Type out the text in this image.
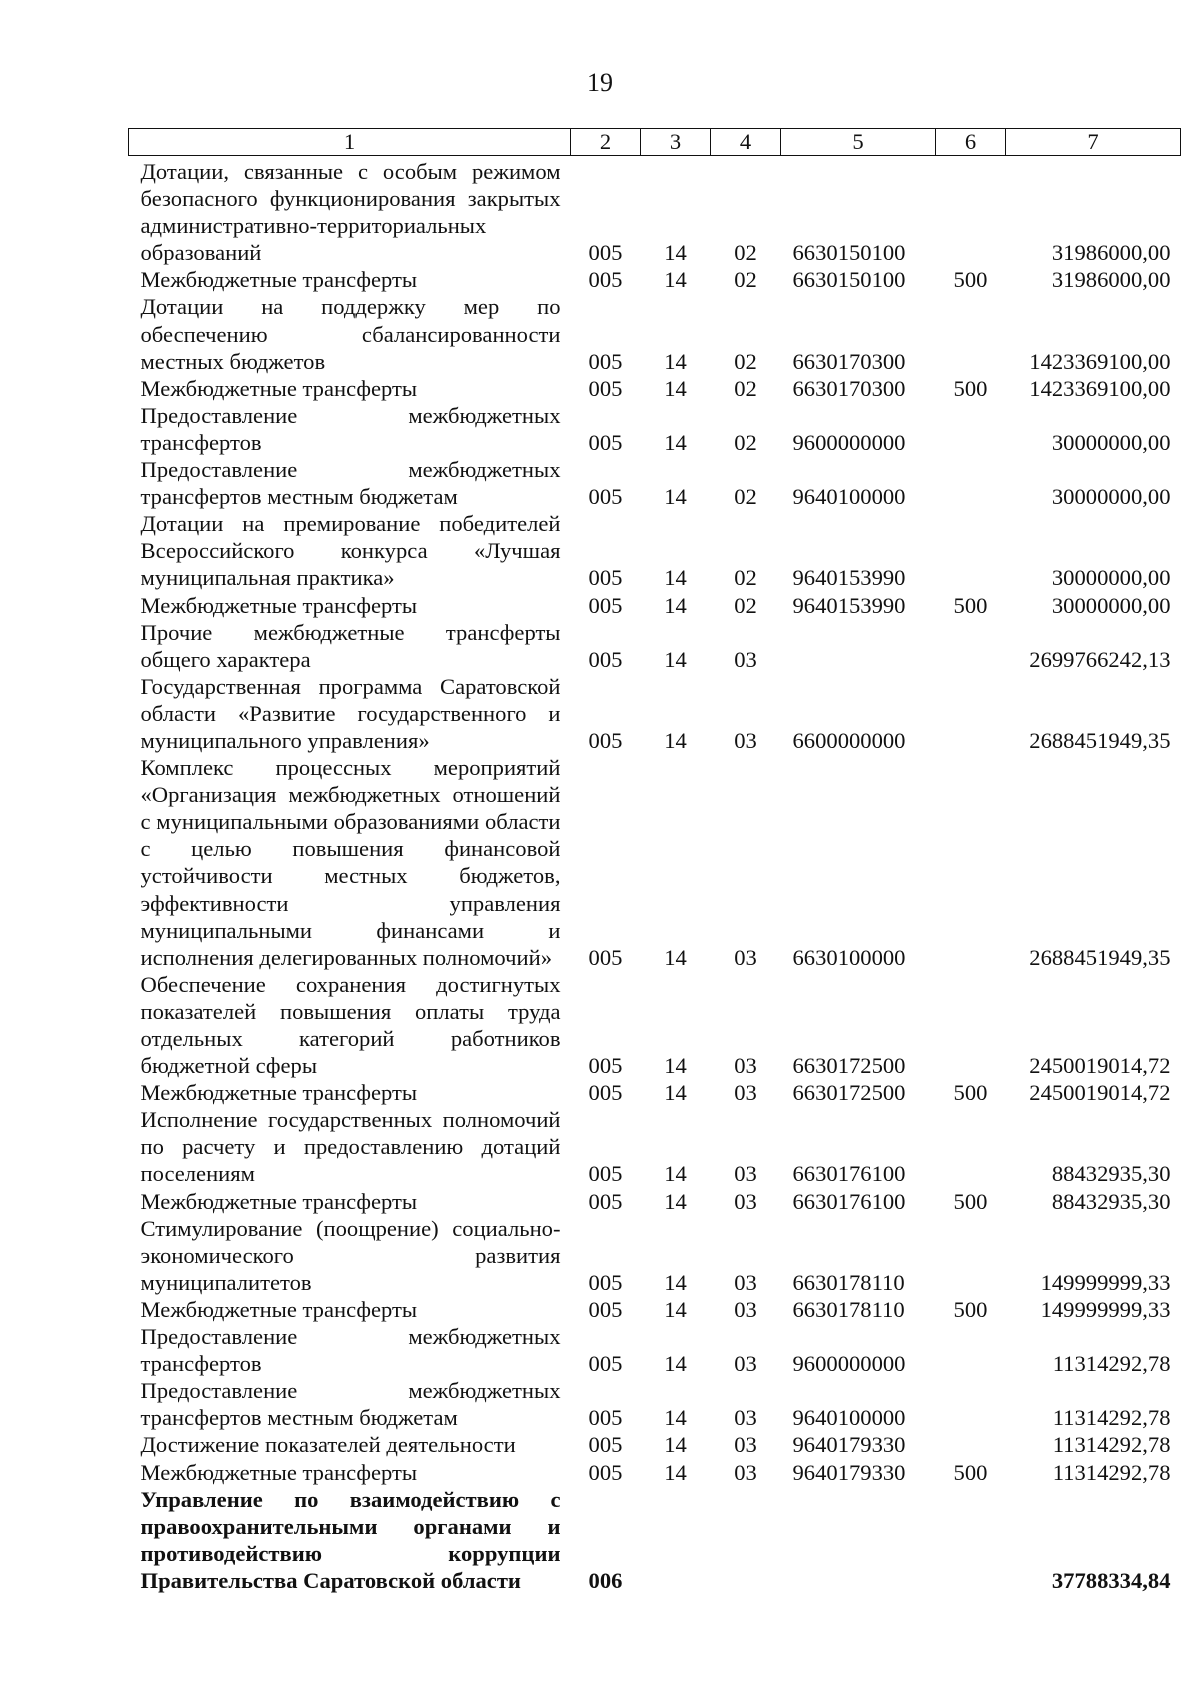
19
1	2	3	4	5	6	7
Дотации, связанные с особым режимом безопасного функционирования закрытых административно-территориальных образований	005	14	02	6630150100		31986000,00
Межбюджетные трансферты	005	14	02	6630150100	500	31986000,00
Дотации на поддержку мер по обеспечению сбалансированности местных бюджетов	005	14	02	6630170300		1423369100,00
Межбюджетные трансферты	005	14	02	6630170300	500	1423369100,00
Предоставление межбюджетных трансфертов	005	14	02	9600000000		30000000,00
Предоставление межбюджетных трансфертов местным бюджетам	005	14	02	9640100000		30000000,00
Дотации на премирование победителей Всероссийского конкурса «Лучшая муниципальная практика»	005	14	02	9640153990		30000000,00
Межбюджетные трансферты	005	14	02	9640153990	500	30000000,00
Прочие межбюджетные трансферты общего характера	005	14	03			2699766242,13
Государственная программа Саратовской области «Развитие государственного и муниципального управления»	005	14	03	6600000000		2688451949,35
Комплекс процессных мероприятий «Организация межбюджетных отношений с муниципальными образованиями области с целью повышения финансовой устойчивости местных бюджетов, эффективности управления муниципальными финансами и исполнения делегированных полномочий»	005	14	03	6630100000		2688451949,35
Обеспечение сохранения достигнутых показателей повышения оплаты труда отдельных категорий работников бюджетной сферы	005	14	03	6630172500		2450019014,72
Межбюджетные трансферты	005	14	03	6630172500	500	2450019014,72
Исполнение государственных полномочий по расчету и предоставлению дотаций поселениям	005	14	03	6630176100		88432935,30
Межбюджетные трансферты	005	14	03	6630176100	500	88432935,30
Стимулирование (поощрение) социально-экономического развития муниципалитетов	005	14	03	6630178110		149999999,33
Межбюджетные трансферты	005	14	03	6630178110	500	149999999,33
Предоставление межбюджетных трансфертов	005	14	03	9600000000		11314292,78
Предоставление межбюджетных трансфертов местным бюджетам	005	14	03	9640100000		11314292,78
Достижение показателей деятельности	005	14	03	9640179330		11314292,78
Межбюджетные трансферты	005	14	03	9640179330	500	11314292,78
Управление по взаимодействию с правоохранительными органами и противодействию коррупции Правительства Саратовской области	006					37788334,84
